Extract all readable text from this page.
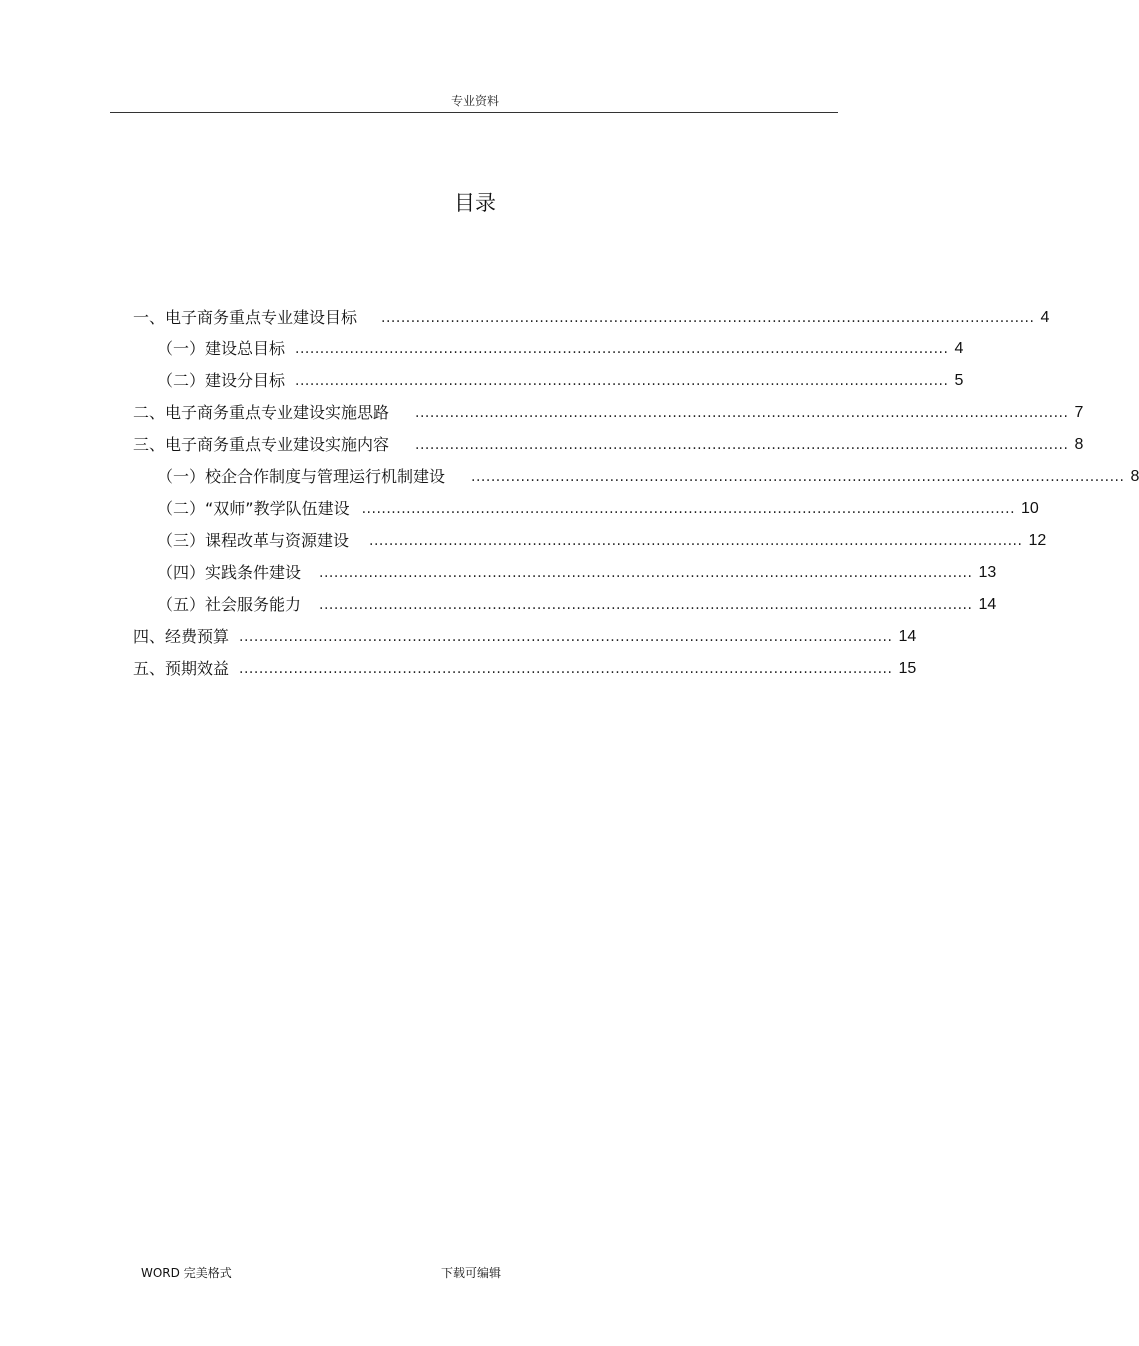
专业资料
目录
一、电子商务重点专业建设目标 .................................................................................................................................... 4
（一）建设总目标 .................................................................................................................................... 4
（二）建设分目标 .................................................................................................................................... 5
二、电子商务重点专业建设实施思路 .................................................................................................................................... 7
三、电子商务重点专业建设实施内容 .................................................................................................................................... 8
（一）校企合作制度与管理运行机制建设 .................................................................................................................................... 8
（二）“双师”教学队伍建设 .................................................................................................................................... 10
（三）课程改革与资源建设 .................................................................................................................................... 12
（四）实践条件建设 .................................................................................................................................... 13
（五）社会服务能力 .................................................................................................................................... 14
四、经费预算 .................................................................................................................................... 14
五、预期效益 .................................................................................................................................... 15
WORD 完美格式	下载可编辑
